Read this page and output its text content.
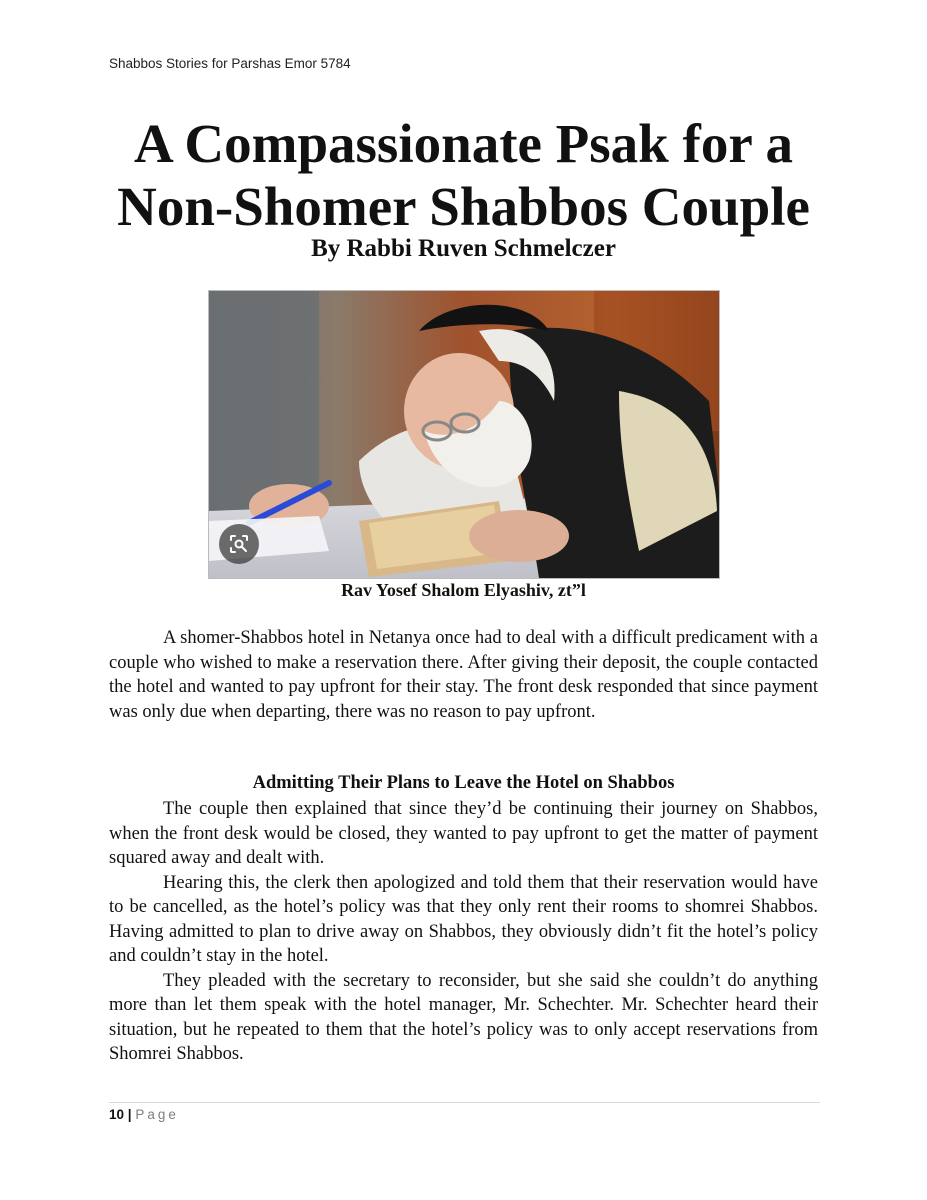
Shabbos Stories for Parshas Emor 5784
A Compassionate Psak for a
Non-Shomer Shabbos Couple
By Rabbi Ruven Schmelczer
Rav Yosef Shalom Elyashiv, zt”l

A shomer-Shabbos hotel in Netanya once had to deal with a difficult predicament with a couple who wished to make a reservation there. After giving their deposit, the couple contacted the hotel and wanted to pay upfront for their stay. The front desk responded that since payment was only due when departing, there was no reason to pay upfront.

Admitting Their Plans to Leave the Hotel on Shabbos

The couple then explained that since they’d be continuing their journey on Shabbos, when the front desk would be closed, they wanted to pay upfront to get the matter of payment squared away and dealt with.

Hearing this, the clerk then apologized and told them that their reservation would have to be cancelled, as the hotel’s policy was that they only rent their rooms to shomrei Shabbos. Having admitted to plan to drive away on Shabbos, they obviously didn’t fit the hotel’s policy and couldn’t stay in the hotel.

They pleaded with the secretary to reconsider, but she said she couldn’t do anything more than let them speak with the hotel manager, Mr. Schechter. Mr. Schechter heard their situation, but he repeated to them that the hotel’s policy was to only accept reservations from Shomrei Shabbos.

10 | Page
